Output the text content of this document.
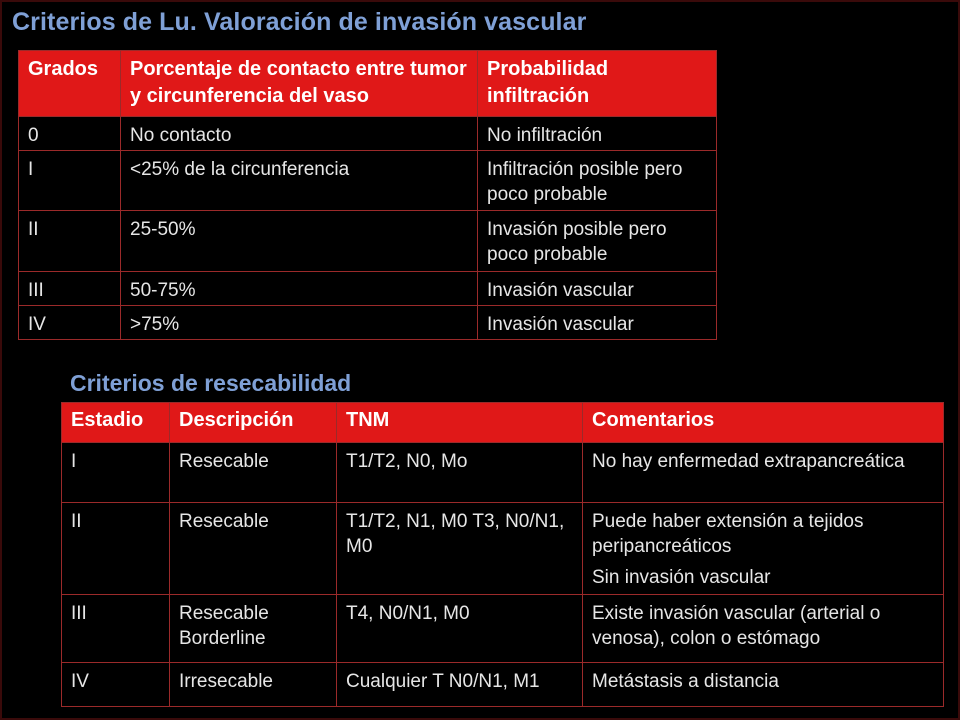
Criterios de Lu. Valoración de invasión vascular
Grados	Porcentaje de contacto entre tumor y circunferencia del vaso	Probabilidad infiltración
0	No contacto	No infiltración
I	<25% de la circunferencia	Infiltración posible pero poco probable
II	25-50%	Invasión posible pero poco probable
III	50-75%	Invasión vascular
IV	>75%	Invasión vascular
Criterios de resecabilidad
Estadio	Descripción	TNM	Comentarios
I	Resecable	T1/T2, N0, Mo	No hay enfermedad extrapancreática
II	Resecable	T1/T2, N1, M0 T3, N0/N1, M0	Puede haber extensión a tejidos peripancreáticos
Sin invasión vascular
III	Resecable Borderline	T4, N0/N1, M0	Existe invasión vascular (arterial o venosa), colon o estómago
IV	Irresecable	Cualquier T N0/N1, M1	Metástasis a distancia
